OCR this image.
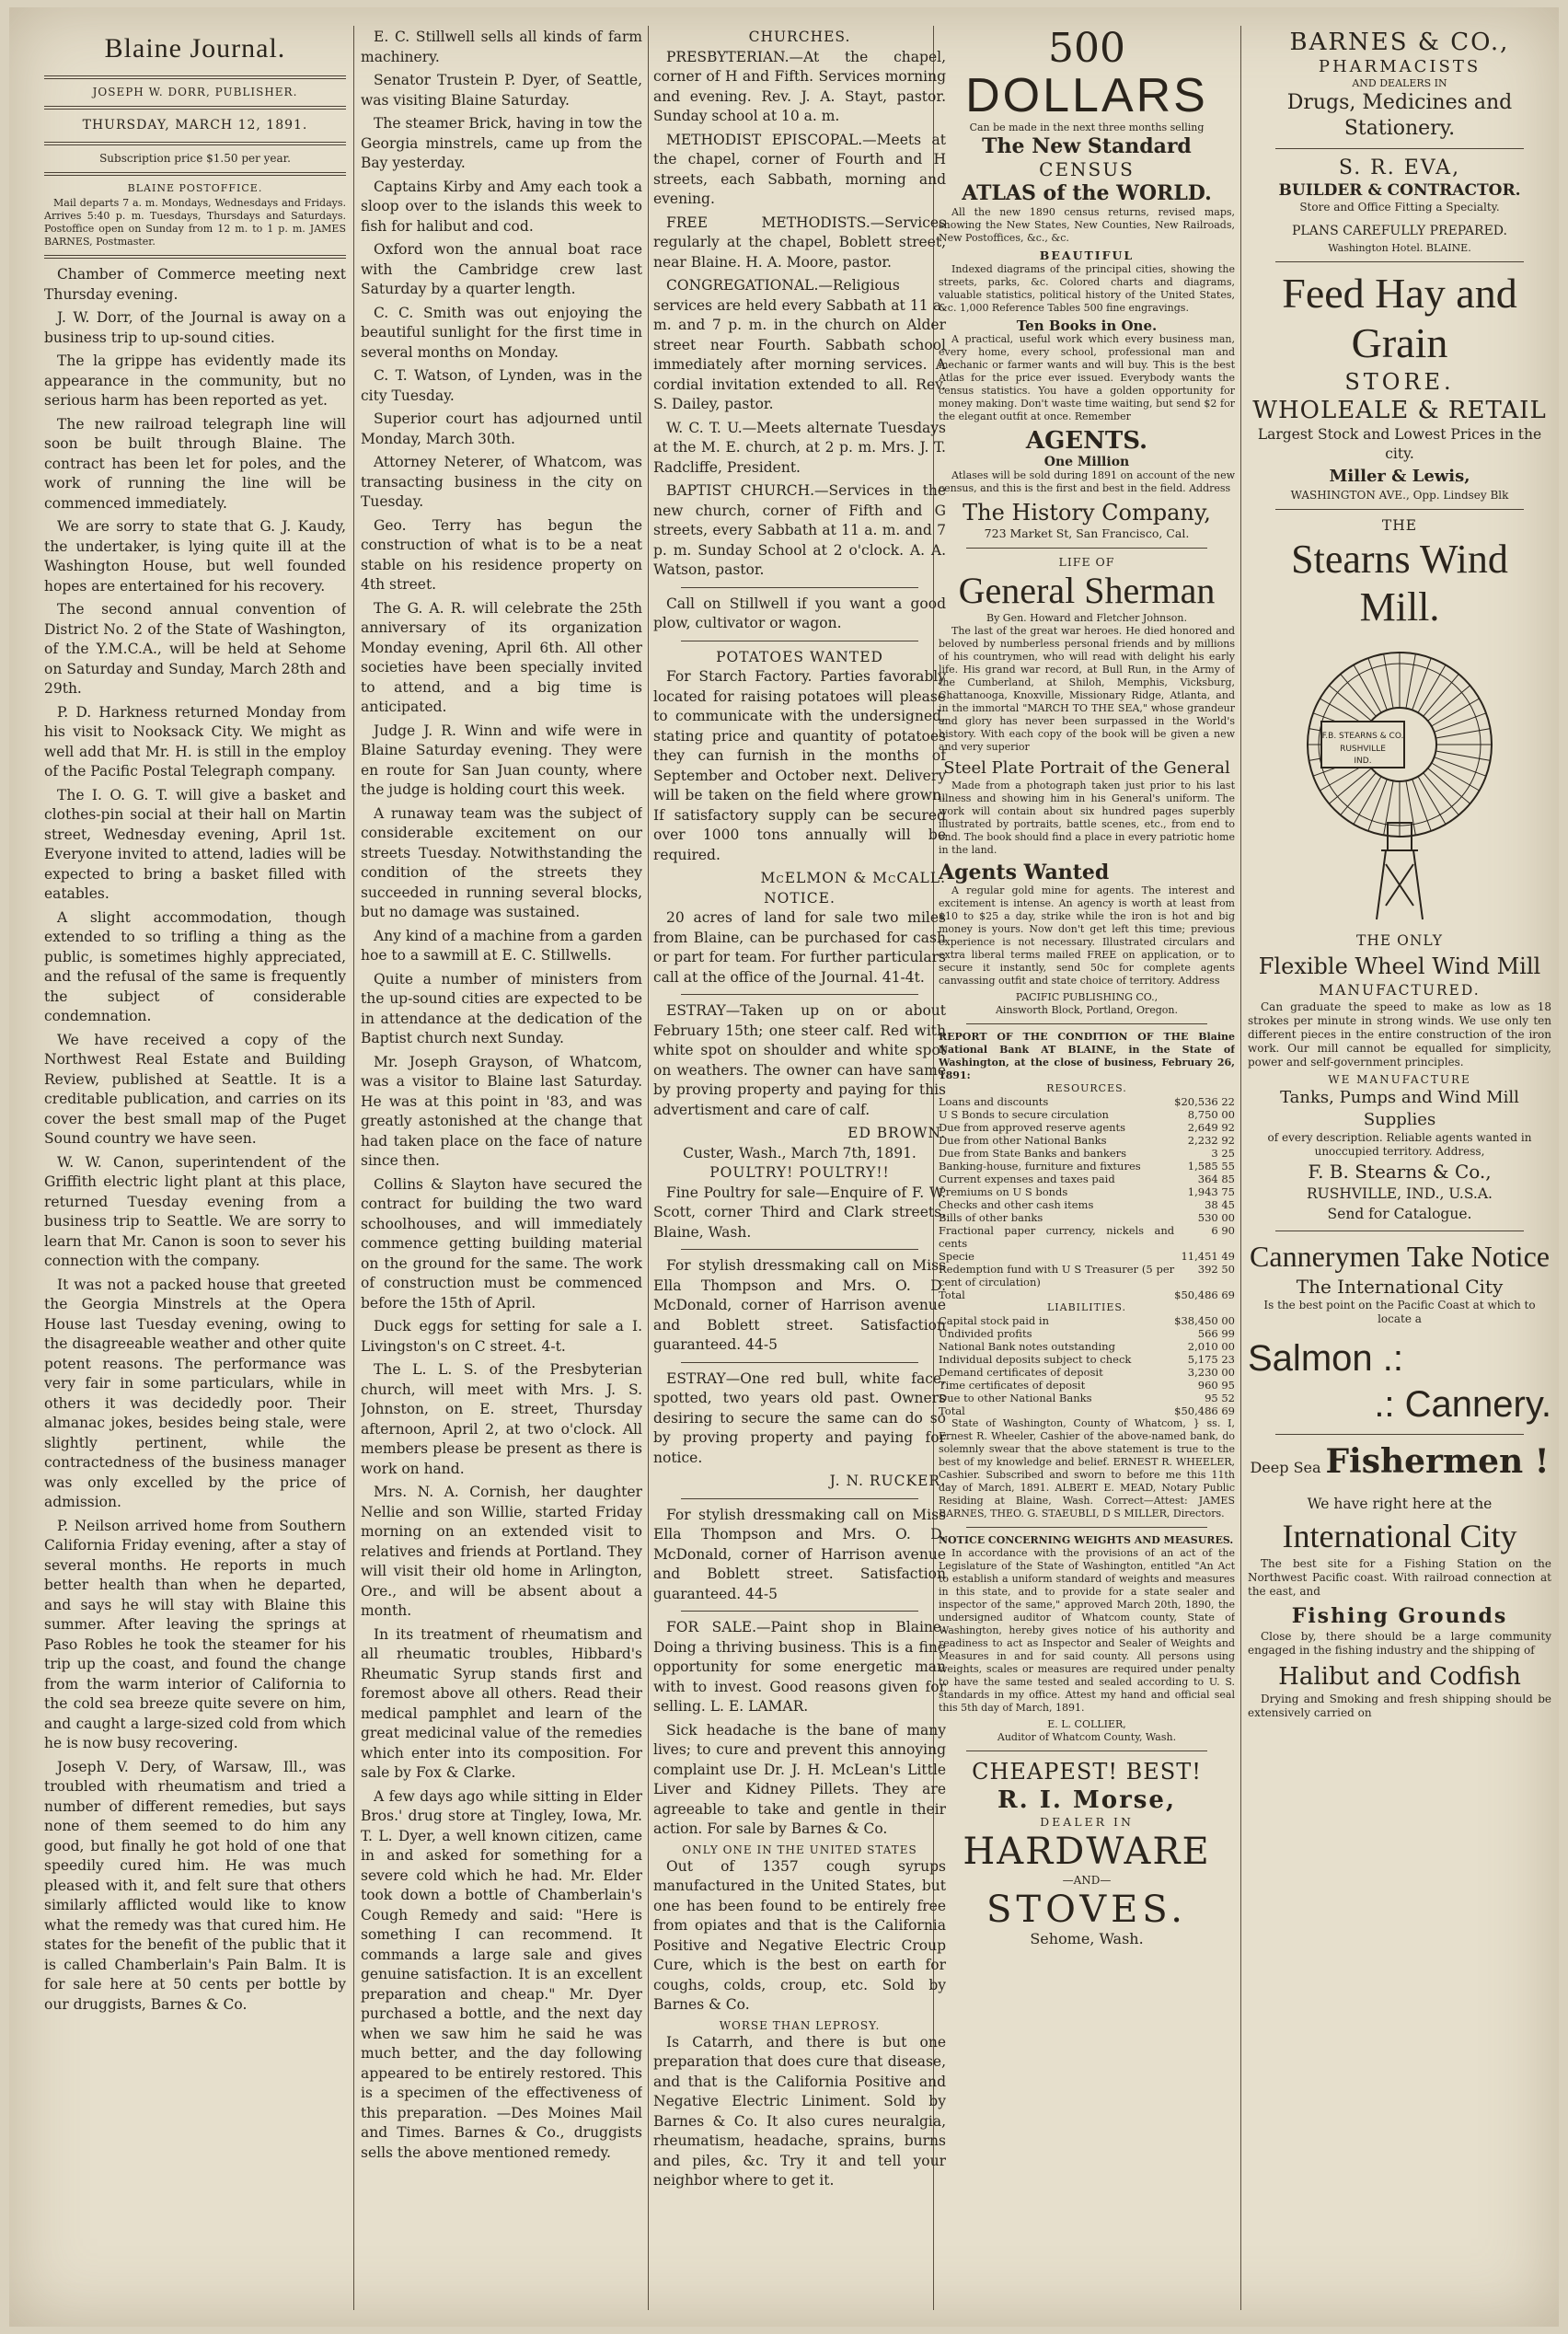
Blaine Journal.
JOSEPH W. DORR, PUBLISHER.
THURSDAY, MARCH 12, 1891.
Subscription price $1.50 per year.
BLAINE POSTOFFICE.
Mail departs 7 a. m. Mondays, Wednesdays and Fridays. Arrives 5:40 p. m. Tuesdays, Thursdays and Saturdays. Postoffice open on Sunday from 12 m. to 1 p. m. JAMES BARNES, Postmaster.

Chamber of Commerce meeting next Thursday evening.

J. W. Dorr, of the Journal is away on a business trip to up-sound cities.

The la grippe has evidently made its appearance in the community, but no serious harm has been reported as yet.

The new railroad telegraph line will soon be built through Blaine. The contract has been let for poles, and the work of running the line will be commenced immediately.

We are sorry to state that G. J. Kaudy, the undertaker, is lying quite ill at the Washington House, but well founded hopes are entertained for his recovery.

The second annual convention of District No. 2 of the State of Washington, of the Y.M.C.A., will be held at Sehome on Saturday and Sunday, March 28th and 29th.

P. D. Harkness returned Monday from his visit to Nooksack City. We might as well add that Mr. H. is still in the employ of the Pacific Postal Telegraph company.

The I. O. G. T. will give a basket and clothes-pin social at their hall on Martin street, Wednesday evening, April 1st. Everyone invited to attend, ladies will be expected to bring a basket filled with eatables.

A slight accommodation, though extended to so trifling a thing as the public, is sometimes highly appreciated, and the refusal of the same is frequently the subject of considerable condemnation.

We have received a copy of the Northwest Real Estate and Building Review, published at Seattle. It is a creditable publication, and carries on its cover the best small map of the Puget Sound country we have seen.

W. W. Canon, superintendent of the Griffith electric light plant at this place, returned Tuesday evening from a business trip to Seattle. We are sorry to learn that Mr. Canon is soon to sever his connection with the company.

It was not a packed house that greeted the Georgia Minstrels at the Opera House last Tuesday evening, owing to the disagreeable weather and other quite potent reasons. The performance was very fair in some particulars, while in others it was decidedly poor. Their almanac jokes, besides being stale, were slightly pertinent, while the contractedness of the business manager was only excelled by the price of admission.

P. Neilson arrived home from Southern California Friday evening, after a stay of several months. He reports in much better health than when he departed, and says he will stay with Blaine this summer. After leaving the springs at Paso Robles he took the steamer for his trip up the coast, and found the change from the warm interior of California to the cold sea breeze quite severe on him, and caught a large-sized cold from which he is now busy recovering.

Joseph V. Dery, of Warsaw, Ill., was troubled with rheumatism and tried a number of different remedies, but says none of them seemed to do him any good, but finally he got hold of one that speedily cured him. He was much pleased with it, and felt sure that others similarly afflicted would like to know what the remedy was that cured him. He states for the benefit of the public that it is called Chamberlain's Pain Balm. It is for sale here at 50 cents per bottle by our druggists, Barnes & Co.

E. C. Stillwell sells all kinds of farm machinery.

Senator Trustein P. Dyer, of Seattle, was visiting Blaine Saturday.

The steamer Brick, having in tow the Georgia minstrels, came up from the Bay yesterday.

Captains Kirby and Amy each took a sloop over to the islands this week to fish for halibut and cod.

Oxford won the annual boat race with the Cambridge crew last Saturday by a quarter length.

C. C. Smith was out enjoying the beautiful sunlight for the first time in several months on Monday.

C. T. Watson, of Lynden, was in the city Tuesday.

Superior court has adjourned until Monday, March 30th.

Attorney Neterer, of Whatcom, was transacting business in the city on Tuesday.

Geo. Terry has begun the construction of what is to be a neat stable on his residence property on 4th street.

The G. A. R. will celebrate the 25th anniversary of its organization Monday evening, April 6th. All other societies have been specially invited to attend, and a big time is anticipated.

Judge J. R. Winn and wife were in Blaine Saturday evening. They were en route for San Juan county, where the judge is holding court this week.

A runaway team was the subject of considerable excitement on our streets Tuesday. Notwithstanding the condition of the streets they succeeded in running several blocks, but no damage was sustained.

Any kind of a machine from a garden hoe to a sawmill at E. C. Stillwells.

Quite a number of ministers from the up-sound cities are expected to be in attendance at the dedication of the Baptist church next Sunday.

Mr. Joseph Grayson, of Whatcom, was a visitor to Blaine last Saturday. He was at this point in '83, and was greatly astonished at the change that had taken place on the face of nature since then.

Collins & Slayton have secured the contract for building the two ward schoolhouses, and will immediately commence getting building material on the ground for the same. The work of construction must be commenced before the 15th of April.

Duck eggs for setting for sale a I. Livingston's on C street. 4-t.

The L. L. S. of the Presbyterian church, will meet with Mrs. J. S. Johnston, on E. street, Thursday afternoon, April 2, at two o'clock. All members please be present as there is work on hand.

Mrs. N. A. Cornish, her daughter Nellie and son Willie, started Friday morning on an extended visit to relatives and friends at Portland. They will visit their old home in Arlington, Ore., and will be absent about a month.

In its treatment of rheumatism and all rheumatic troubles, Hibbard's Rheumatic Syrup stands first and foremost above all others. Read their medical pamphlet and learn of the great medicinal value of the remedies which enter into its composition. For sale by Fox & Clarke.

A few days ago while sitting in Elder Bros.' drug store at Tingley, Iowa, Mr. T. L. Dyer, a well known citizen, came in and asked for something for a severe cold which he had. Mr. Elder took down a bottle of Chamberlain's Cough Remedy and said: "Here is something I can recommend. It commands a large sale and gives genuine satisfaction. It is an excellent preparation and cheap." Mr. Dyer purchased a bottle, and the next day when we saw him he said he was much better, and the day following appeared to be entirely restored. This is a specimen of the effectiveness of this preparation. —Des Moines Mail and Times. Barnes & Co., druggists sells the above mentioned remedy.

CHURCHES.

PRESBYTERIAN.—At the chapel, corner of H and Fifth. Services morning and evening. Rev. J. A. Stayt, pastor. Sunday school at 10 a. m.

METHODIST EPISCOPAL.—Meets at the chapel, corner of Fourth and H streets, each Sabbath, morning and evening.

FREE METHODISTS.—Services regularly at the chapel, Boblett street, near Blaine. H. A. Moore, pastor.

CONGREGATIONAL.—Religious services are held every Sabbath at 11 a. m. and 7 p. m. in the church on Alder street near Fourth. Sabbath school immediately after morning services. A cordial invitation extended to all. Rev. S. Dailey, pastor.

W. C. T. U.—Meets alternate Tuesdays at the M. E. church, at 2 p. m. Mrs. J. T. Radcliffe, President.

BAPTIST CHURCH.—Services in the new church, corner of Fifth and G streets, every Sabbath at 11 a. m. and 7 p. m. Sunday School at 2 o'clock. A. A. Watson, pastor.

Call on Stillwell if you want a good plow, cultivator or wagon.

POTATOES WANTED

For Starch Factory. Parties favorably located for raising potatoes will please to communicate with the undersigned, stating price and quantity of potatoes they can furnish in the months of September and October next. Delivery will be taken on the field where grown. If satisfactory supply can be secured over 1000 tons annually will be required.

McELMON & McCALL.
NOTICE.

20 acres of land for sale two miles from Blaine, can be purchased for cash or part for team. For further particulars call at the office of the Journal. 41-4t.

ESTRAY—Taken up on or about February 15th; one steer calf. Red with white spot on shoulder and white spot on weathers. The owner can have same by proving property and paying for this advertisment and care of calf.

ED BROWN.
Custer, Wash., March 7th, 1891.
POULTRY! POULTRY!!

Fine Poultry for sale—Enquire of F. W. Scott, corner Third and Clark streets, Blaine, Wash.

For stylish dressmaking call on Miss Ella Thompson and Mrs. O. D. McDonald, corner of Harrison avenue and Boblett street. Satisfaction guaranteed. 44-5

ESTRAY—One red bull, white face, spotted, two years old past. Owners desiring to secure the same can do so by proving property and paying for notice.

J. N. RUCKER.

For stylish dressmaking call on Miss Ella Thompson and Mrs. O. D. McDonald, corner of Harrison avenue and Boblett street. Satisfaction guaranteed. 44-5

FOR SALE.—Paint shop in Blaine. Doing a thriving business. This is a fine opportunity for some energetic man with to invest. Good reasons given for selling. L. E. LAMAR.

Sick headache is the bane of many lives; to cure and prevent this annoying complaint use Dr. J. H. McLean's Little Liver and Kidney Pillets. They are agreeable to take and gentle in their action. For sale by Barnes & Co.

ONLY ONE IN THE UNITED STATES

Out of 1357 cough syrups manufactured in the United States, but one has been found to be entirely free from opiates and that is the California Positive and Negative Electric Croup Cure, which is the best on earth for coughs, colds, croup, etc. Sold by Barnes & Co.

WORSE THAN LEPROSY.

Is Catarrh, and there is but one preparation that does cure that disease, and that is the California Positive and Negative Electric Liniment. Sold by Barnes & Co. It also cures neuralgia, rheumatism, headache, sprains, burns and piles, &c. Try it and tell your neighbor where to get it.

500
DOLLARS
Can be made in the next three months selling
The New Standard
CENSUS
ATLAS of the WORLD.

All the new 1890 census returns, revised maps, showing the New States, New Counties, New Railroads, New Postoffices, &c., &c.

BEAUTIFUL

Indexed diagrams of the principal cities, showing the streets, parks, &c. Colored charts and diagrams, valuable statistics, political history of the United States, &c. 1,000 Reference Tables 500 fine engravings.

Ten Books in One.

A practical, useful work which every business man, every home, every school, professional man and mechanic or farmer wants and will buy. This is the best Atlas for the price ever issued. Everybody wants the census statistics. You have a golden opportunity for money making. Don't waste time waiting, but send $2 for the elegant outfit at once. Remember

AGENTS.
One Million

Atlases will be sold during 1891 on account of the new census, and this is the first and best in the field. Address

The History Company,
723 Market St, San Francisco, Cal.
LIFE OF
General Sherman
By Gen. Howard and Fletcher Johnson.

The last of the great war heroes. He died honored and beloved by numberless personal friends and by millions of his countrymen, who will read with delight his early life. His grand war record, at Bull Run, in the Army of the Cumberland, at Shiloh, Memphis, Vicksburg, Chattanooga, Knoxville, Missionary Ridge, Atlanta, and in the immortal "MARCH TO THE SEA," whose grandeur and glory has never been surpassed in the World's history. With each copy of the book will be given a new and very superior

Steel Plate Portrait of the General

Made from a photograph taken just prior to his last illness and showing him in his General's uniform. The work will contain about six hundred pages superbly illustrated by portraits, battle scenes, etc., from end to end. The book should find a place in every patriotic home in the land.

Agents Wanted

A regular gold mine for agents. The interest and excitement is intense. An agency is worth at least from $10 to $25 a day, strike while the iron is hot and big money is yours. Now don't get left this time; previous experience is not necessary. Illustrated circulars and extra liberal terms mailed FREE on application, or to secure it instantly, send 50c for complete agents canvassing outfit and state choice of territory. Address

PACIFIC PUBLISHING CO.,
Ainsworth Block, Portland, Oregon.
REPORT OF THE CONDITION OF THE Blaine National Bank AT BLAINE, in the State of Washington, at the close of business, February 26, 1891:
RESOURCES.
Loans and discounts	$20,536 22
U S Bonds to secure circulation	8,750 00
Due from approved reserve agents	2,649 92
Due from other National Banks	2,232 92
Due from State Banks and bankers	3 25
Banking-house, furniture and fixtures	1,585 55
Current expenses and taxes paid	364 85
Premiums on U S bonds	1,943 75
Checks and other cash items	38 45
Bills of other banks	530 00
Fractional paper currency, nickels and cents	6 90
Specie	11,451 49
Redemption fund with U S Treasurer (5 per cent of circulation)	392 50
Total	$50,486 69
LIABILITIES.
Capital stock paid in	$38,450 00
Undivided profits	566 99
National Bank notes outstanding	2,010 00
Individual deposits subject to check	5,175 23
Demand certificates of deposit	3,230 00
Time certificates of deposit	960 95
Due to other National Banks	95 52
Total	$50,486 69

State of Washington, County of Whatcom, } ss. I, Ernest R. Wheeler, Cashier of the above-named bank, do solemnly swear that the above statement is true to the best of my knowledge and belief. ERNEST R. WHEELER, Cashier. Subscribed and sworn to before me this 11th day of March, 1891. ALBERT E. MEAD, Notary Public Residing at Blaine, Wash. Correct—Attest: JAMES BARNES, THEO. G. STAEUBLI, D S MILLER, Directors.

NOTICE CONCERNING WEIGHTS AND MEASURES.

In accordance with the provisions of an act of the Legislature of the State of Washington, entitled "An Act to establish a uniform standard of weights and measures in this state, and to provide for a state sealer and inspector of the same," approved March 20th, 1890, the undersigned auditor of Whatcom county, State of Washington, hereby gives notice of his authority and readiness to act as Inspector and Sealer of Weights and Measures in and for said county. All persons using weights, scales or measures are required under penalty to have the same tested and sealed according to U. S. standards in my office. Attest my hand and official seal this 5th day of March, 1891.

E. L. COLLIER,
Auditor of Whatcom County, Wash.
CHEAPEST! BEST!
R. I. Morse,
DEALER IN
HARDWARE
—AND—
STOVES.
Sehome, Wash.
BARNES & CO.,
PHARMACISTS
AND DEALERS IN
Drugs, Medicines and Stationery.
S. R. EVA,
BUILDER & CONTRACTOR.
Store and Office Fitting a Specialty.
PLANS CAREFULLY PREPARED.
Washington Hotel. BLAINE.
Feed Hay and Grain
STORE.
WHOLEALE & RETAIL
Largest Stock and Lowest Prices in the city.
Miller & Lewis,
WASHINGTON AVE., Opp. Lindsey Blk
THE
Stearns Wind Mill.
F.B. STEARNS & CO.
RUSHVILLE
IND.
THE ONLY
Flexible Wheel Wind Mill
MANUFACTURED.

Can graduate the speed to make as low as 18 strokes per minute in strong winds. We use only ten different pieces in the entire construction of the iron work. Our mill cannot be equalled for simplicity, power and self-government principles.

WE MANUFACTURE
Tanks, Pumps and Wind Mill Supplies
of every description. Reliable agents wanted in unoccupied territory. Address,
F. B. Stearns & Co.,
RUSHVILLE, IND., U.S.A.
Send for Catalogue.
Cannerymen Take Notice
The International City
Is the best point on the Pacific Coast at which to locate a
Salmon .:
.: Cannery.
Deep Sea Fishermen !
We have right here at the
International City

The best site for a Fishing Station on the Northwest Pacific coast. With railroad connection at the east, and

Fishing Grounds

Close by, there should be a large community engaged in the fishing industry and the shipping of

Halibut and Codfish

Drying and Smoking and fresh shipping should be extensively carried on
